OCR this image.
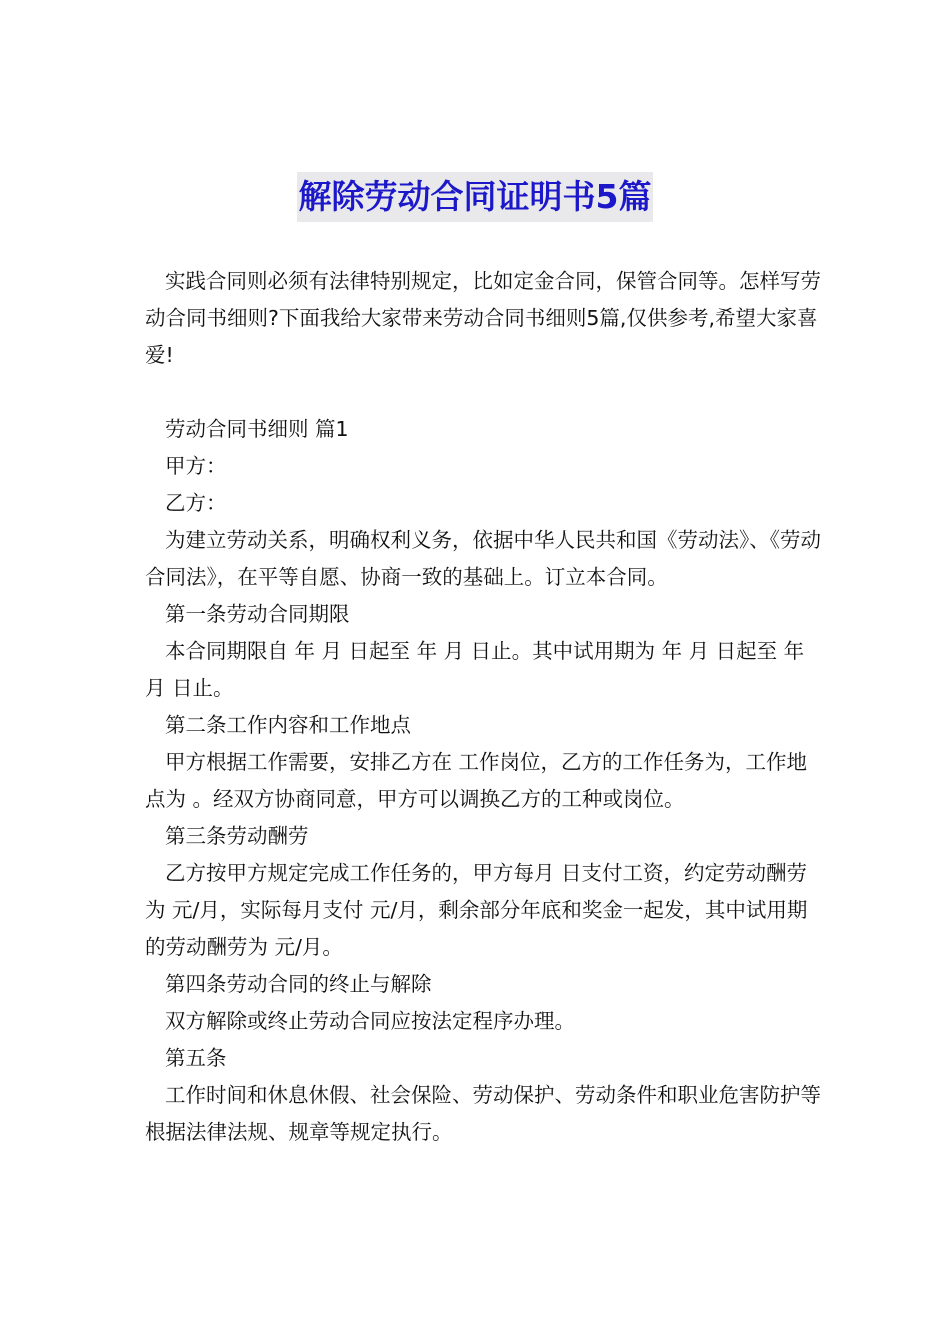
解除劳动合同证明书5篇

实践合同则必须有法律特别规定，比如定金合同，保管合同等。怎样写劳动合同书细则?下面我给大家带来劳动合同书细则5篇,仅供参考,希望大家喜爱!

劳动合同书细则 篇1

甲方：

乙方：

为建立劳动关系，明确权利义务，依据中华人民共和国《劳动法》、《劳动合同法》，在平等自愿、协商一致的基础上。订立本合同。

第一条劳动合同期限

本合同期限自 年 月 日起至 年 月 日止。其中试用期为 年 月 日起至 年 月 日止。

第二条工作内容和工作地点

甲方根据工作需要，安排乙方在 工作岗位，乙方的工作任务为，工作地点为 。经双方协商同意，甲方可以调换乙方的工种或岗位。

第三条劳动酬劳

乙方按甲方规定完成工作任务的，甲方每月 日支付工资，约定劳动酬劳为 元/月，实际每月支付 元/月，剩余部分年底和奖金一起发，其中试用期的劳动酬劳为 元/月。

第四条劳动合同的终止与解除

双方解除或终止劳动合同应按法定程序办理。

第五条

工作时间和休息休假、社会保险、劳动保护、劳动条件和职业危害防护等根据法律法规、规章等规定执行。
